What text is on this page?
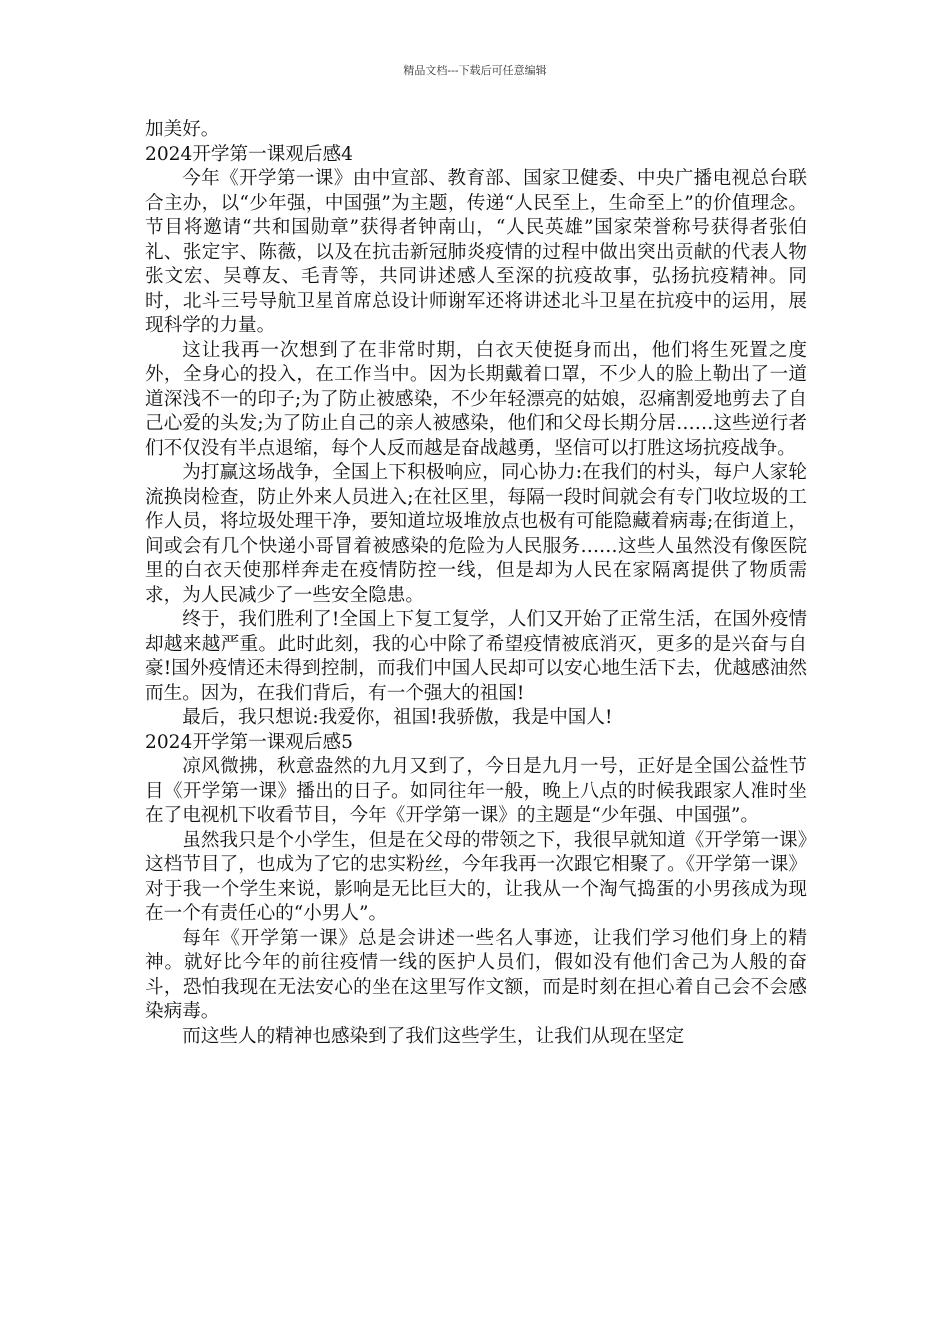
精品文档---下载后可任意编辑

加美好。

2024开学第一课观后感4

今年《开学第一课》由中宣部、教育部、国家卫健委、中央广播电视总台联合主办，以“少年强，中国强”为主题，传递“人民至上，生命至上”的价值理念。节目将邀请“共和国勋章”获得者钟南山，“人民英雄”国家荣誉称号获得者张伯礼、张定宇、陈薇，以及在抗击新冠肺炎疫情的过程中做出突出贡献的代表人物张文宏、吴尊友、毛青等，共同讲述感人至深的抗疫故事，弘扬抗疫精神。同时，北斗三号导航卫星首席总设计师谢军还将讲述北斗卫星在抗疫中的运用，展现科学的力量。

这让我再一次想到了在非常时期，白衣天使挺身而出，他们将生死置之度外，全身心的投入，在工作当中。因为长期戴着口罩，不少人的脸上勒出了一道道深浅不一的印子;为了防止被感染，不少年轻漂亮的姑娘，忍痛割爱地剪去了自己心爱的头发;为了防止自己的亲人被感染，他们和父母长期分居……这些逆行者们不仅没有半点退缩，每个人反而越是奋战越勇，坚信可以打胜这场抗疫战争。

为打赢这场战争，全国上下积极响应，同心协力:在我们的村头，每户人家轮流换岗检查，防止外来人员进入;在社区里，每隔一段时间就会有专门收垃圾的工作人员，将垃圾处理干净，要知道垃圾堆放点也极有可能隐藏着病毒;在街道上，间或会有几个快递小哥冒着被感染的危险为人民服务……这些人虽然没有像医院里的白衣天使那样奔走在疫情防控一线，但是却为人民在家隔离提供了物质需求，为人民减少了一些安全隐患。

终于，我们胜利了!全国上下复工复学，人们又开始了正常生活，在国外疫情却越来越严重。此时此刻，我的心中除了希望疫情被底消灭，更多的是兴奋与自豪!国外疫情还未得到控制，而我们中国人民却可以安心地生活下去，优越感油然而生。因为，在我们背后，有一个强大的祖国!

最后，我只想说:我爱你，祖国!我骄傲，我是中国人!

2024开学第一课观后感5

凉风微拂，秋意盎然的九月又到了，今日是九月一号，正好是全国公益性节目《开学第一课》播出的日子。如同往年一般，晚上八点的时候我跟家人准时坐在了电视机下收看节目，今年《开学第一课》的主题是“少年强、中国强”。

虽然我只是个小学生，但是在父母的带领之下，我很早就知道《开学第一课》这档节目了，也成为了它的忠实粉丝，今年我再一次跟它相聚了。《开学第一课》对于我一个学生来说，影响是无比巨大的，让我从一个淘气捣蛋的小男孩成为现在一个有责任心的“小男人”。

每年《开学第一课》总是会讲述一些名人事迹，让我们学习他们身上的精神。就好比今年的前往疫情一线的医护人员们，假如没有他们舍己为人般的奋斗，恐怕我现在无法安心的坐在这里写作文额，而是时刻在担心着自己会不会感染病毒。

而这些人的精神也感染到了我们这些学生，让我们从现在坚定
